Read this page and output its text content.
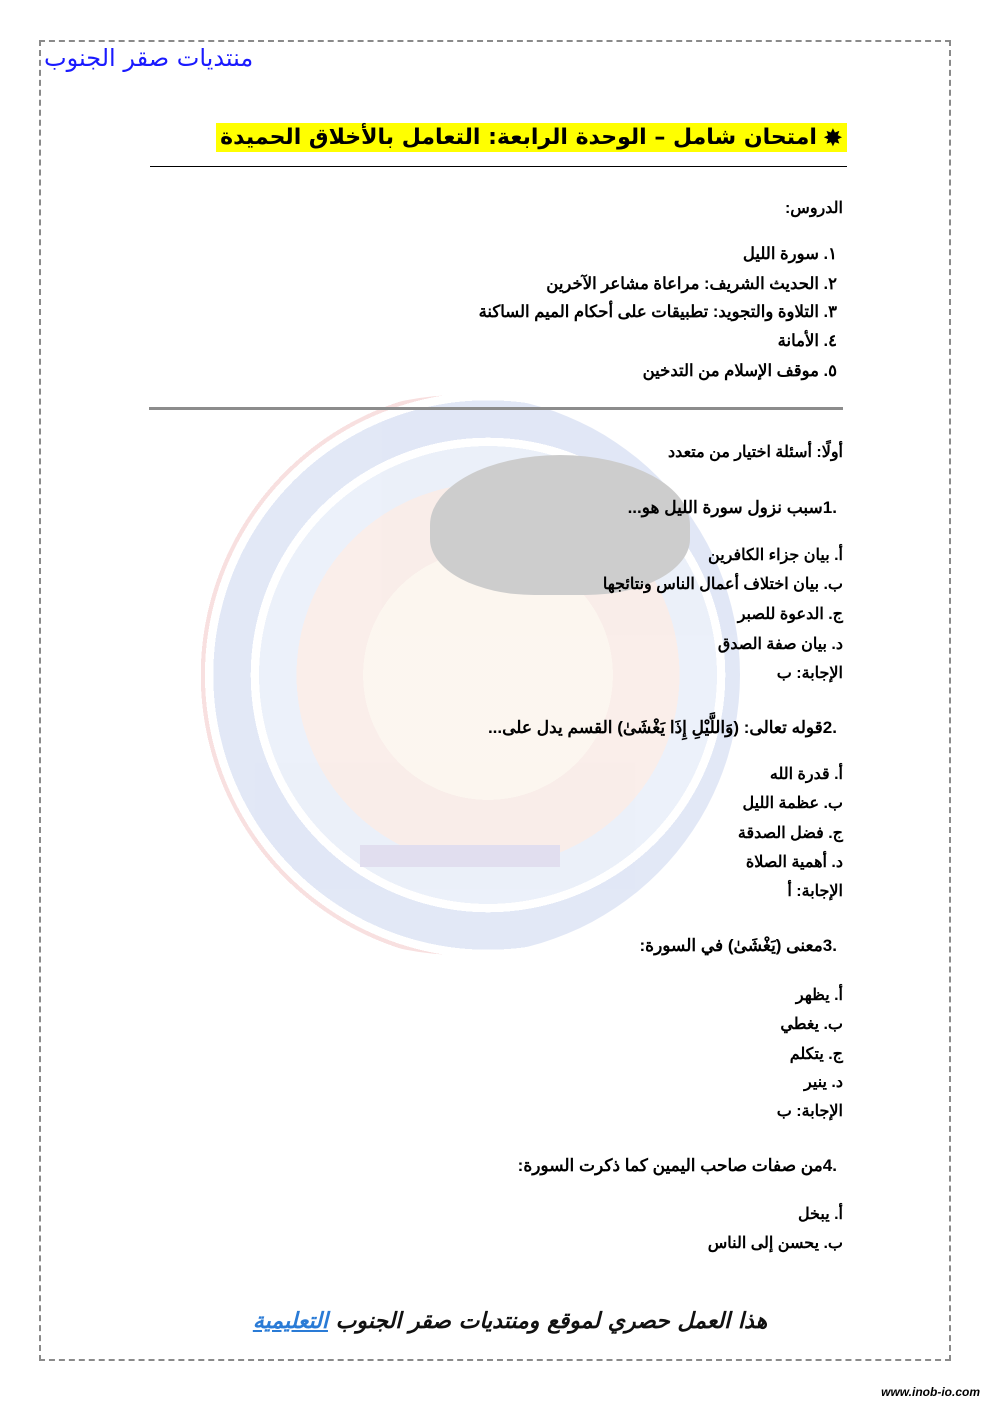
منتديات صقر الجنوب
✸
امتحان شامل – الوحدة الرابعة: التعامل بالأخلاق الحميدة
الدروس:
١. سورة الليل
٢. الحديث الشريف: مراعاة مشاعر الآخرين
٣. التلاوة والتجويد: تطبيقات على أحكام الميم الساكنة
٤. الأمانة
٥. موقف الإسلام من التدخين
أولًا: أسئلة اختيار من متعدد
.1سبب نزول سورة الليل هو...
أ. بيان جزاء الكافرين
ب. بيان اختلاف أعمال الناس ونتائجها
ج. الدعوة للصبر
د. بيان صفة الصدق
الإجابة: ب
.2قوله تعالى: (وَاللَّيْلِ إِذَا يَغْشَىٰ) القسم يدل على...
أ. قدرة الله
ب. عظمة الليل
ج. فضل الصدقة
د. أهمية الصلاة
الإجابة: أ
.3معنى (يَغْشَىٰ) في السورة:
أ. يظهر
ب. يغطي
ج. يتكلم
د. ينير
الإجابة: ب
.4من صفات صاحب اليمين كما ذكرت السورة:
أ. يبخل
ب. يحسن إلى الناس
هذا العمل حصري لموقع ومنتديات صقر الجنوب التعليمية
www.inob-io.com
